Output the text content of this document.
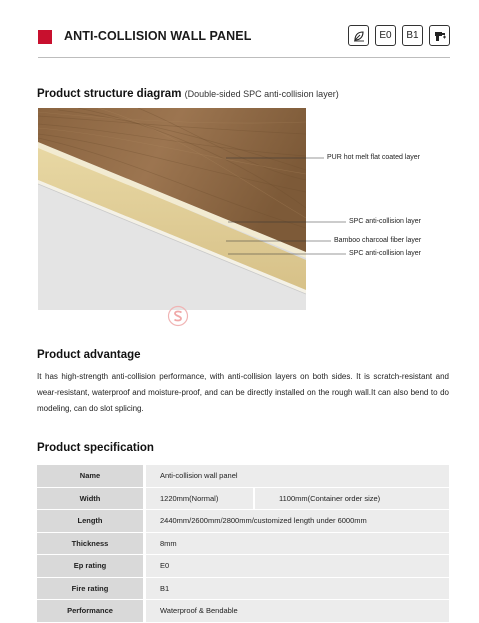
ANTI-COLLISION WALL PANEL	E0 B1
Product structure diagram (Double-sided SPC anti-collision layer)
PUR hot melt flat coated layer
SPC anti-collision layer
Bamboo charcoal fiber layer
SPC anti-collision layer
Product advantage
It has high-strength anti-collision performance, with anti-collision layers on both sides. It is scratch-resistant and wear-resistant, waterproof and moisture-proof, and can be directly installed on the rough wall.It can also bend to do modeling, can do slot splicing.
Product specification
Name	Anti-collision wall panel
Width	1220mm(Normal)	1100mm(Container order size)
Length	2440mm/2600mm/2800mm/customized length under 6000mm
Thickness	8mm
Ep rating	E0
Fire rating	B1
Performance	Waterproof & Bendable
